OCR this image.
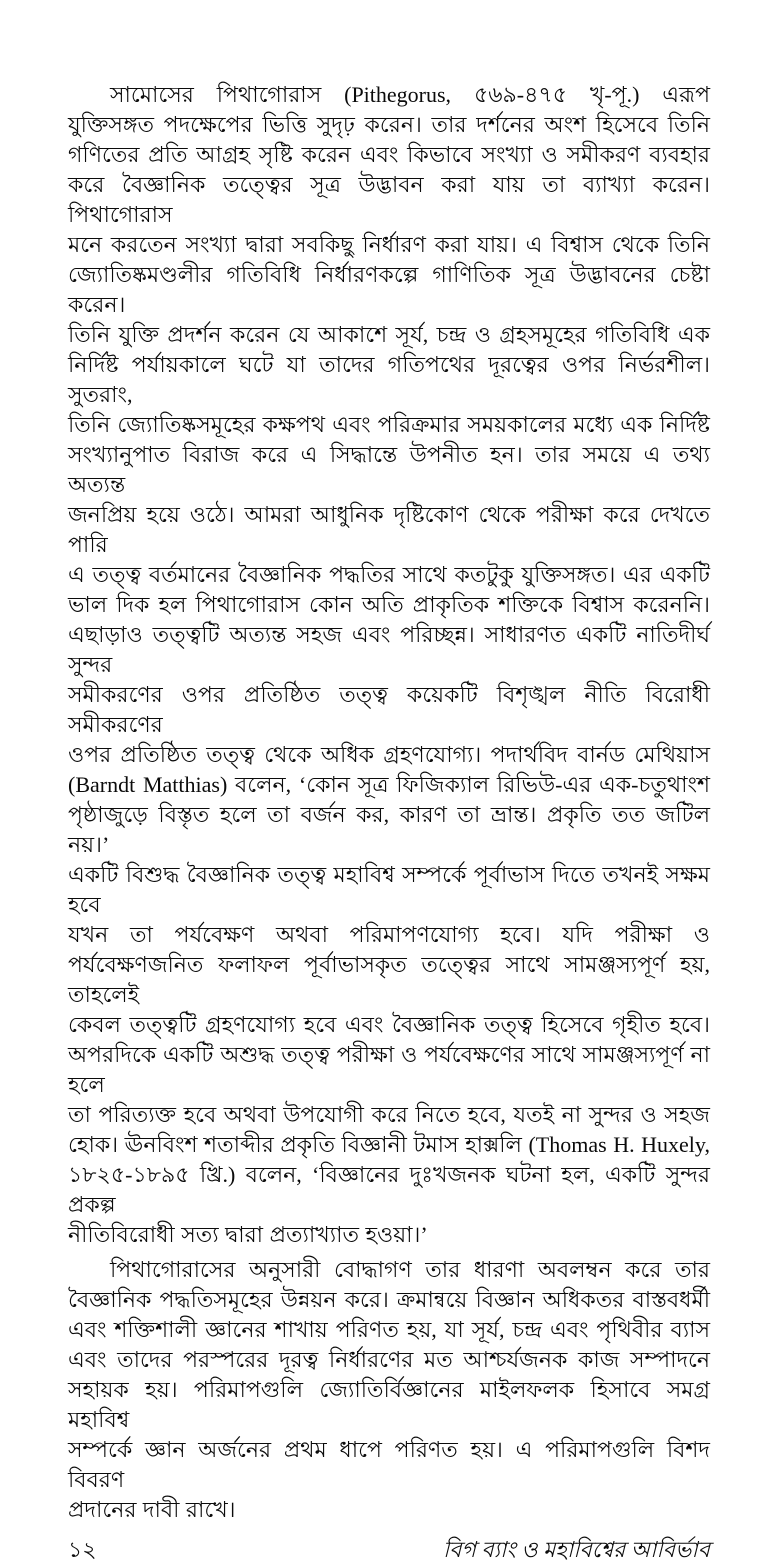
সামোসের পিথাগোরাস (Pithegorus, ৫৬৯-৪৭৫ খৃ-পূ.) এরূপ
যুক্তিসঙ্গত পদক্ষেপের ভিত্তি সুদৃঢ় করেন। তার দর্শনের অংশ হিসেবে তিনি
গণিতের প্রতি আগ্রহ সৃষ্টি করেন এবং কিভাবে সংখ্যা ও সমীকরণ ব্যবহার
করে বৈজ্ঞানিক তত্ত্বের সূত্র উদ্ভাবন করা যায় তা ব্যাখ্যা করেন। পিথাগোরাস
মনে করতেন সংখ্যা দ্বারা সবকিছু নির্ধারণ করা যায়। এ বিশ্বাস থেকে তিনি
জ্যোতিষ্কমণ্ডলীর গতিবিধি নির্ধারণকল্পে গাণিতিক সূত্র উদ্ভাবনের চেষ্টা করেন।
তিনি যুক্তি প্রদর্শন করেন যে আকাশে সূর্য, চন্দ্র ও গ্রহসমূহের গতিবিধি এক
নির্দিষ্ট পর্যায়কালে ঘটে যা তাদের গতিপথের দূরত্বের ওপর নির্ভরশীল। সুতরাং,
তিনি জ্যোতিষ্কসমূহের কক্ষপথ এবং পরিক্রমার সময়কালের মধ্যে এক নির্দিষ্ট
সংখ্যানুপাত বিরাজ করে এ সিদ্ধান্তে উপনীত হন। তার সময়ে এ তথ্য অত্যন্ত
জনপ্রিয় হয়ে ওঠে। আমরা আধুনিক দৃষ্টিকোণ থেকে পরীক্ষা করে দেখতে পারি
এ তত্ত্ব বর্তমানের বৈজ্ঞানিক পদ্ধতির সাথে কতটুকু যুক্তিসঙ্গত। এর একটি
ভাল দিক হল পিথাগোরাস কোন অতি প্রাকৃতিক শক্তিকে বিশ্বাস করেননি।
এছাড়াও তত্ত্বটি অত্যন্ত সহজ এবং পরিচ্ছন্ন। সাধারণত একটি নাতিদীর্ঘ সুন্দর
সমীকরণের ওপর প্রতিষ্ঠিত তত্ত্ব কয়েকটি বিশৃঙ্খল নীতি বিরোধী সমীকরণের
ওপর প্রতিষ্ঠিত তত্ত্ব থেকে অধিক গ্রহণযোগ্য। পদার্থবিদ বার্নড মেথিয়াস
(Barndt Matthias) বলেন, ‘কোন সূত্র ফিজিক্যাল রিভিউ-এর এক-চতুথাংশ
পৃষ্ঠাজুড়ে বিস্তৃত হলে তা বর্জন কর, কারণ তা ভ্রান্ত। প্রকৃতি তত জটিল নয়।’
একটি বিশুদ্ধ বৈজ্ঞানিক তত্ত্ব মহাবিশ্ব সম্পর্কে পূর্বাভাস দিতে তখনই সক্ষম হবে
যখন তা পর্যবেক্ষণ অথবা পরিমাপণযোগ্য হবে। যদি পরীক্ষা ও
পর্যবেক্ষণজনিত ফলাফল পূর্বাভাসকৃত তত্ত্বের সাথে সামঞ্জস্যপূর্ণ হয়, তাহলেই
কেবল তত্ত্বটি গ্রহণযোগ্য হবে এবং বৈজ্ঞানিক তত্ত্ব হিসেবে গৃহীত হবে।
অপরদিকে একটি অশুদ্ধ তত্ত্ব পরীক্ষা ও পর্যবেক্ষণের সাথে সামঞ্জস্যপূর্ণ না হলে
তা পরিত্যক্ত হবে অথবা উপযোগী করে নিতে হবে, যতই না সুন্দর ও সহজ
হোক। ঊনবিংশ শতাব্দীর প্রকৃতি বিজ্ঞানী টমাস হাক্সলি (Thomas H. Huxely,
১৮২৫-১৮৯৫ খ্রি.) বলেন, ‘বিজ্ঞানের দুঃখজনক ঘটনা হল, একটি সুন্দর প্রকল্প
নীতিবিরোধী সত্য দ্বারা প্রত্যাখ্যাত হওয়া।’

পিথাগোরাসের অনুসারী বোদ্ধাগণ তার ধারণা অবলম্বন করে তার
বৈজ্ঞানিক পদ্ধতিসমূহের উন্নয়ন করে। ক্রমান্বয়ে বিজ্ঞান অধিকতর বাস্তবধর্মী
এবং শক্তিশালী জ্ঞানের শাখায় পরিণত হয়, যা সূর্য, চন্দ্র এবং পৃথিবীর ব্যাস
এবং তাদের পরস্পরের দূরত্ব নির্ধারণের মত আশ্চর্যজনক কাজ সম্পাদনে
সহায়ক হয়। পরিমাপগুলি জ্যোতির্বিজ্ঞানের মাইলফলক হিসাবে সমগ্র মহাবিশ্ব
সম্পর্কে জ্ঞান অর্জনের প্রথম ধাপে পরিণত হয়। এ পরিমাপগুলি বিশদ বিবরণ
প্রদানের দাবী রাখে।

১২	বিগ ব্যাং ও মহাবিশ্বের আবির্ভাব
